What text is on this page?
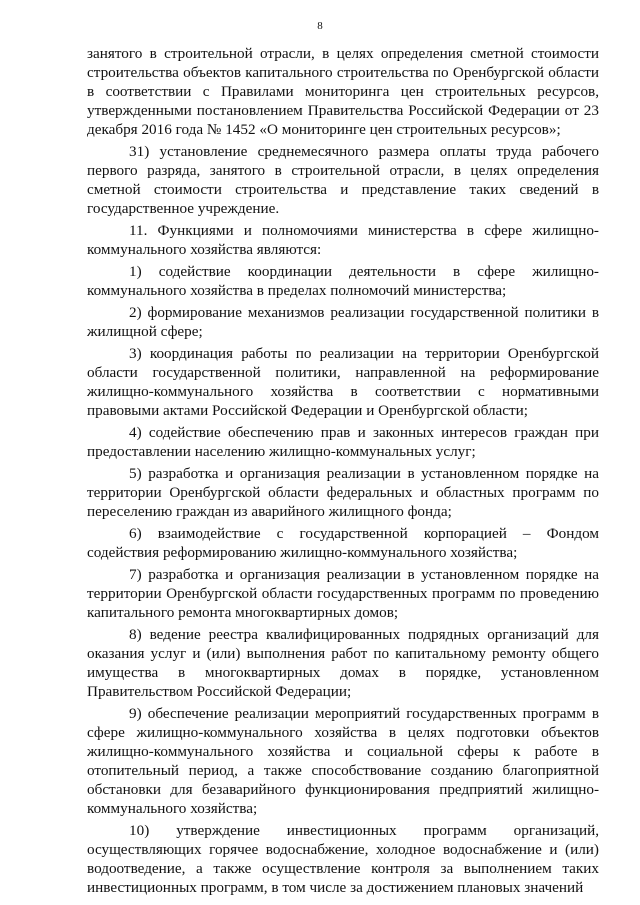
8

занятого в строительной отрасли, в целях определения сметной стоимости строительства объектов капитального строительства по Оренбургской области в соответствии с Правилами мониторинга цен строительных ресурсов, утвержденными постановлением Правительства Российской Федерации от 23 декабря 2016 года № 1452 «О мониторинге цен строительных ресурсов»;

31) установление среднемесячного размера оплаты труда рабочего первого разряда, занятого в строительной отрасли, в целях определения сметной стоимости строительства и представление таких сведений в государственное учреждение.

11. Функциями и полномочиями министерства в сфере жилищно-коммунального хозяйства являются:

1) содействие координации деятельности в сфере жилищно-коммунального хозяйства в пределах полномочий министерства;

2) формирование механизмов реализации государственной политики в жилищной сфере;

3) координация работы по реализации на территории Оренбургской области государственной политики, направленной на реформирование жилищно-коммунального хозяйства в соответствии с нормативными правовыми актами Российской Федерации и Оренбургской области;

4) содействие обеспечению прав и законных интересов граждан при предоставлении населению жилищно-коммунальных услуг;

5) разработка и организация реализации в установленном порядке на территории Оренбургской области федеральных и областных программ по переселению граждан из аварийного жилищного фонда;

6) взаимодействие с государственной корпорацией – Фондом содействия реформированию жилищно-коммунального хозяйства;

7) разработка и организация реализации в установленном порядке на территории Оренбургской области государственных программ по проведению капитального ремонта многоквартирных домов;

8) ведение реестра квалифицированных подрядных организаций для оказания услуг и (или) выполнения работ по капитальному ремонту общего имущества в многоквартирных домах в порядке, установленном Правительством Российской Федерации;

9) обеспечение реализации мероприятий государственных программ в сфере жилищно-коммунального хозяйства в целях подготовки объектов жилищно-коммунального хозяйства и социальной сферы к работе в отопительный период, а также способствование созданию благоприятной обстановки для безаварийного функционирования предприятий жилищно-коммунального хозяйства;

10) утверждение инвестиционных программ организаций, осуществляющих горячее водоснабжение, холодное водоснабжение и (или) водоотведение, а также осуществление контроля за выполнением таких инвестиционных программ, в том числе за достижением плановых значений
